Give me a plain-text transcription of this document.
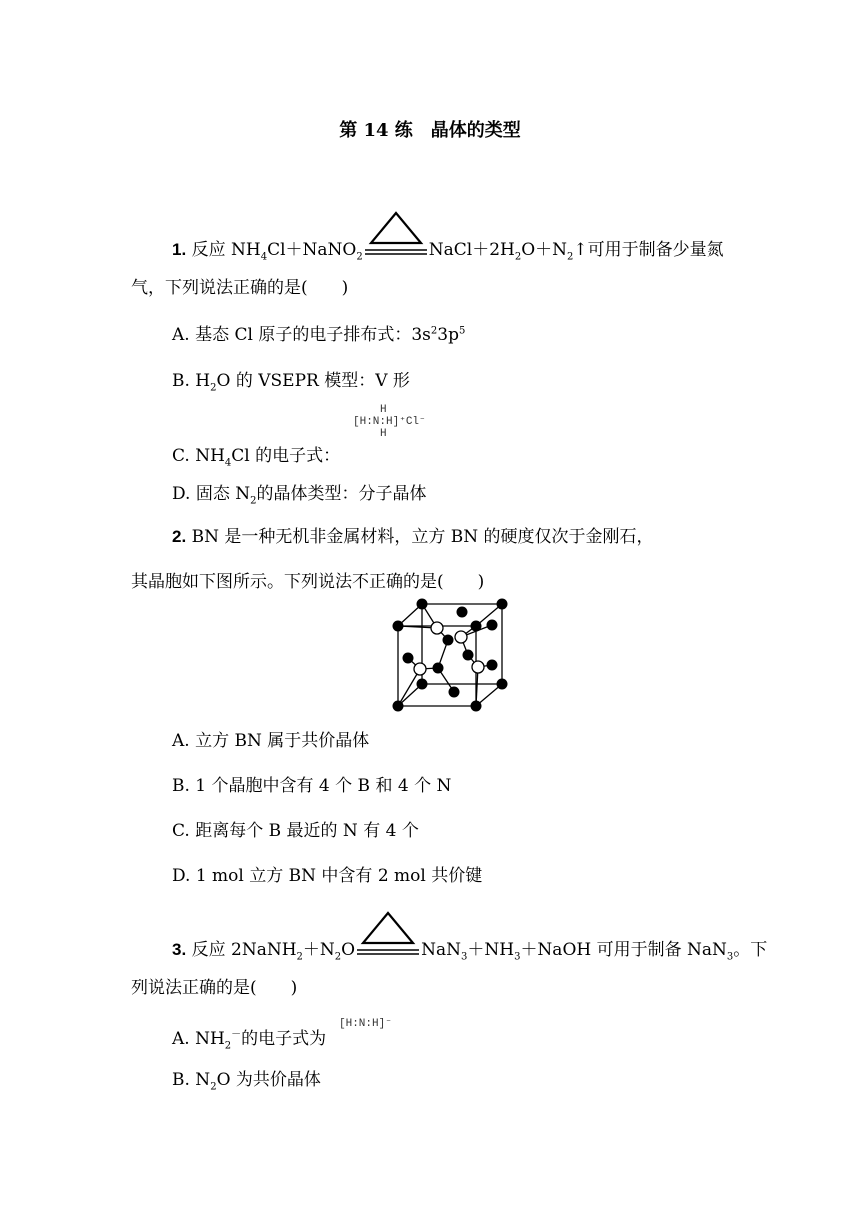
第 14 练　晶体的类型
1. 反应 $NH_4Cl+NaNO_2$	$NaCl+2H_2O+N_2↑$可用于制备少量氮
气，下列说法正确的是(　　)
A. 基态 Cl 原子的电子排布式：$3s^23p^5$
B. $H_2O$ 的 VSEPR 模型：V 形
C. $NH_4Cl$ 的电子式：
H
[H:N:H]⁺Cl⁻
H
D. 固态 $N_2$的晶体类型：分子晶体
2. BN 是一种无机非金属材料，立方 BN 的硬度仅次于金刚石，
其晶胞如下图所示。下列说法不正确的是(　　)
A. 立方 BN 属于共价晶体
B. 1 个晶胞中含有 4 个 B 和 4 个 N
C. 距离每个 B 最近的 N 有 4 个
D. 1 mol 立方 BN 中含有 2 mol 共价键
3. 反应 $2NaNH_2+N_2O$	$NaN_3+NH_3+NaOH$ 可用于制备 NaN$_3$。下
列说法正确的是(　　)
A. $NH_2^-$的电子式为
[H:N:H]⁻
B. $N_2O$ 为共价晶体
